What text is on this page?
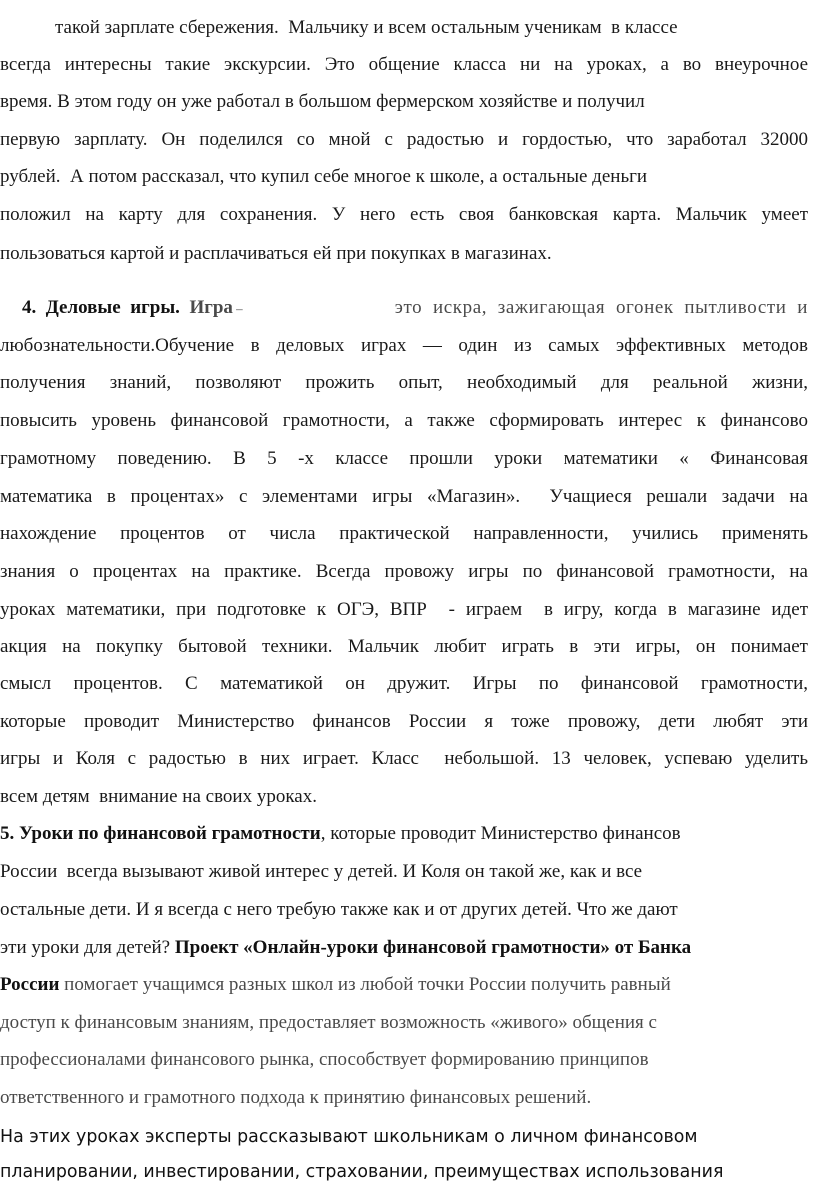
такой зарплате сбережения.  Мальчику и всем остальным ученикам  в классе
всегда интересны такие экскурсии. Это общение класса ни на уроках, а во внеурочное
время. В этом году он уже работал в большом фермерском хозяйстве и получил
первую зарплату. Он поделился со мной с радостью и гордостью, что заработал 32000
рублей.  А потом рассказал, что купил себе многое к школе, а остальные деньги
положил на карту для сохранения. У него есть своя банковская карта. Мальчик умеет
пользоваться картой и расплачиваться ей при покупках в магазинах.
4. Деловые  игры. Игра –	это  искра,  зажигающая  огонек  пытливости  и
любознательности.Обучение в деловых играх — один из самых эффективных методов
получения знаний, позволяют прожить опыт, необходимый для реальной жизни,
повысить уровень финансовой грамотности, а также сформировать интерес к финансово
грамотному поведению. В 5 -х классе прошли уроки математики « Финансовая
математика в процентах» с элементами игры «Магазин».  Учащиеся решали задачи на
нахождение процентов от числа практической направленности, учились применять
знания о процентах на практике. Всегда провожу игры по финансовой грамотности, на
уроках математики, при подготовке к ОГЭ, ВПР  - играем  в игру, когда в магазине идет
акция на покупку бытовой техники. Мальчик любит играть в эти игры, он понимает
смысл процентов. С математикой он дружит. Игры по финансовой грамотности,
которые проводит Министерство финансов России я тоже провожу, дети любят эти
игры и Коля с радостью в них играет. Класс  небольшой. 13 человек, успеваю уделить
всем детям  внимание на своих уроках.
5. Уроки по финансовой грамотности, которые проводит Министерство финансов
России  всегда вызывают живой интерес у детей. И Коля он такой же, как и все
остальные дети. И я всегда с него требую также как и от других детей. Что же дают
эти уроки для детей? Проект «Онлайн-уроки финансовой грамотности» от Банка
России помогает учащимся разных школ из любой точки России получить равный
доступ к финансовым знаниям, предоставляет возможность «живого» общения с
профессионалами финансового рынка, способствует формированию принципов
ответственного и грамотного подхода к принятию финансовых решений.
На этих уроках эксперты рассказывают школьникам о личном финансовом
планировании, инвестировании, страховании, преимуществах использования
